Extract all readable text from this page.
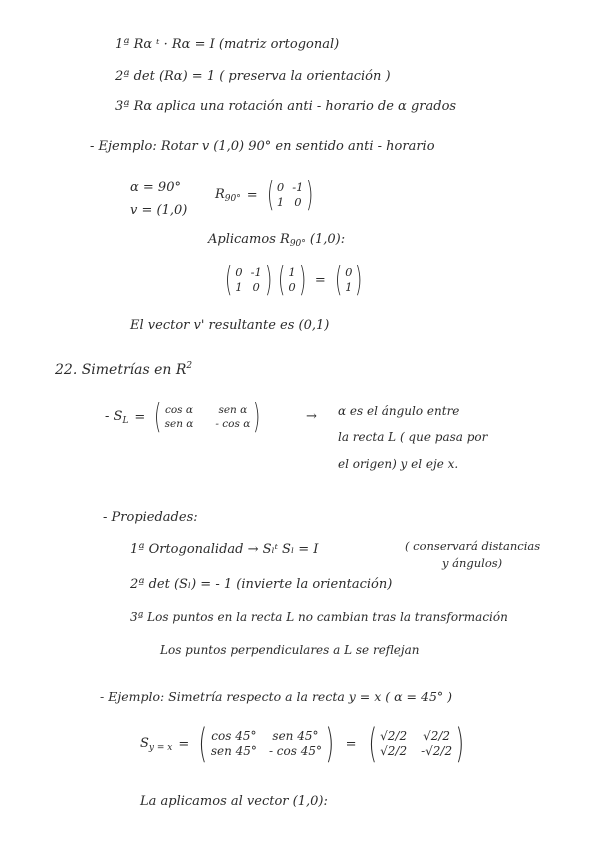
1ª Rα ᵗ · Rα = I (matriz ortogonal)
2ª det (Rα) = 1 ( preserva la orientación )
3ª Rα aplica una rotación anti - horario de α grados
- Ejemplo: Rotar v (1,0) 90° en sentido anti - horario
α = 90°
v = (1,0)
$R_{90^\circ}$ = ( 0 -1
1 0 )
Aplicamos $R_{90^\circ}$ (1,0):
( 0 -1
1 0 ) ( 1
0 ) = ( 0
1 )
El vector v' resultante es (0,1)
22. Simetrías en $R^2$
- $S_L$ = ( cos α sen α
sen α - cos α )	→ α es el ángulo entre
la recta L ( que pasa por
el origen) y el eje x.
- Propiedades:
1ª Ortogonalidad → Sₗᵗ Sₗ = I	( conservará distancias
y ángulos)
2ª det (Sₗ) = - 1 (invierte la orientación)
3ª Los puntos en la recta L no cambian tras la transformación
Los puntos perpendiculares a L se reflejan
- Ejemplo: Simetría respecto a la recta y = x ( α = 45° )
$S_{y = x}$ = ( cos 45° sen 45°
sen 45° - cos 45° ) = ( √2/2 √2/2
√2/2 -√2/2 )
La aplicamos al vector (1,0):
